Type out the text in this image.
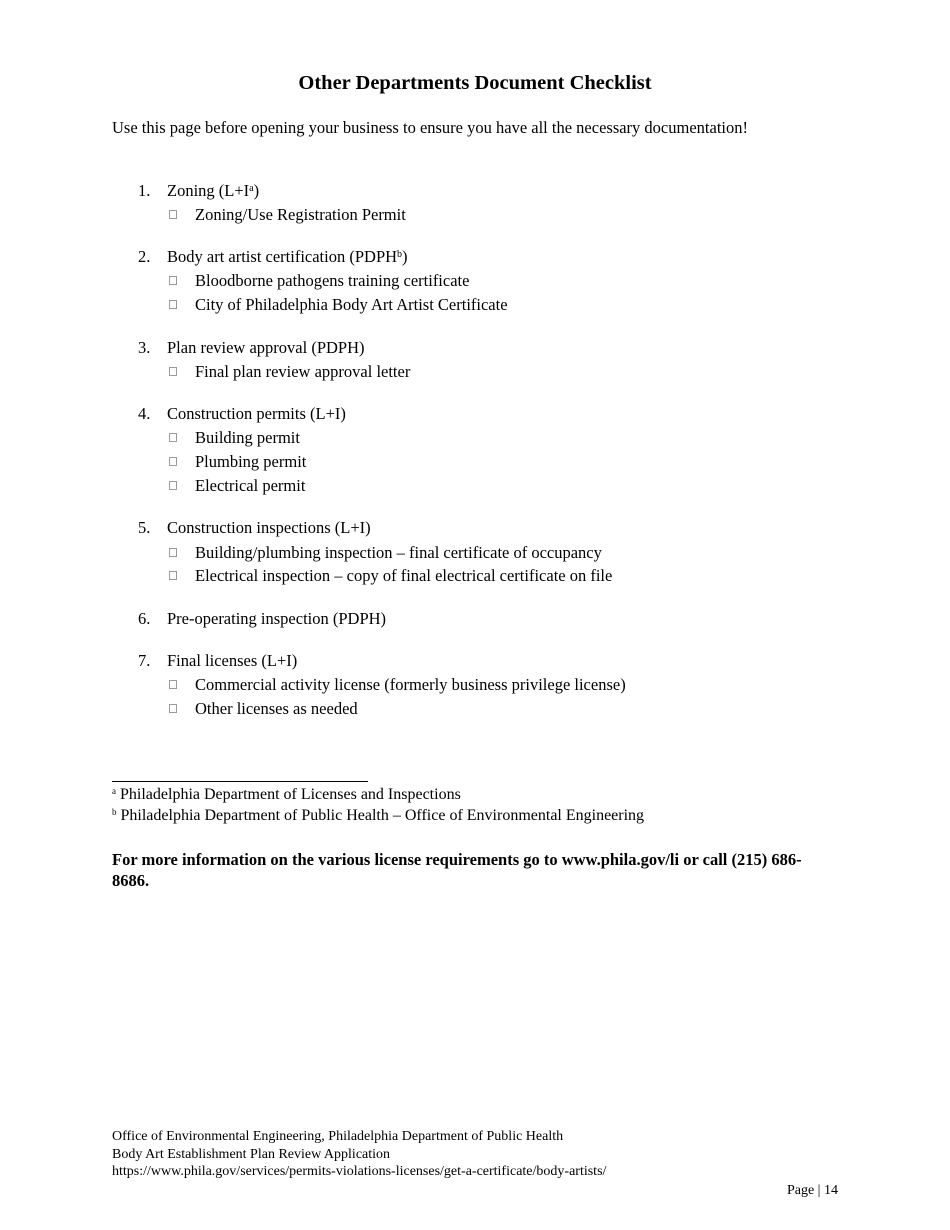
Other Departments Document Checklist
Use this page before opening your business to ensure you have all the necessary documentation!
1. Zoning $(L+I^a)$
Zoning/Use Registration Permit
2. Body art artist certification (PDPH$^b$)
Bloodborne pathogens training certificate
City of Philadelphia Body Art Artist Certificate
3. Plan review approval (PDPH)
Final plan review approval letter
4. Construction permits (L+I)
Building permit
Plumbing permit
Electrical permit
5. Construction inspections (L+I)
Building/plumbing inspection – final certificate of occupancy
Electrical inspection – copy of final electrical certificate on file
6. Pre-operating inspection (PDPH)
7. Final licenses (L+I)
Commercial activity license (formerly business privilege license)
Other licenses as needed
$^a$ Philadelphia Department of Licenses and Inspections
$^b$ Philadelphia Department of Public Health – Office of Environmental Engineering
For more information on the various license requirements go to www.phila.gov/li or call (215) 686-8686.
Office of Environmental Engineering, Philadelphia Department of Public Health
Body Art Establishment Plan Review Application
https://www.phila.gov/services/permits-violations-licenses/get-a-certificate/body-artists/
Page | 14
